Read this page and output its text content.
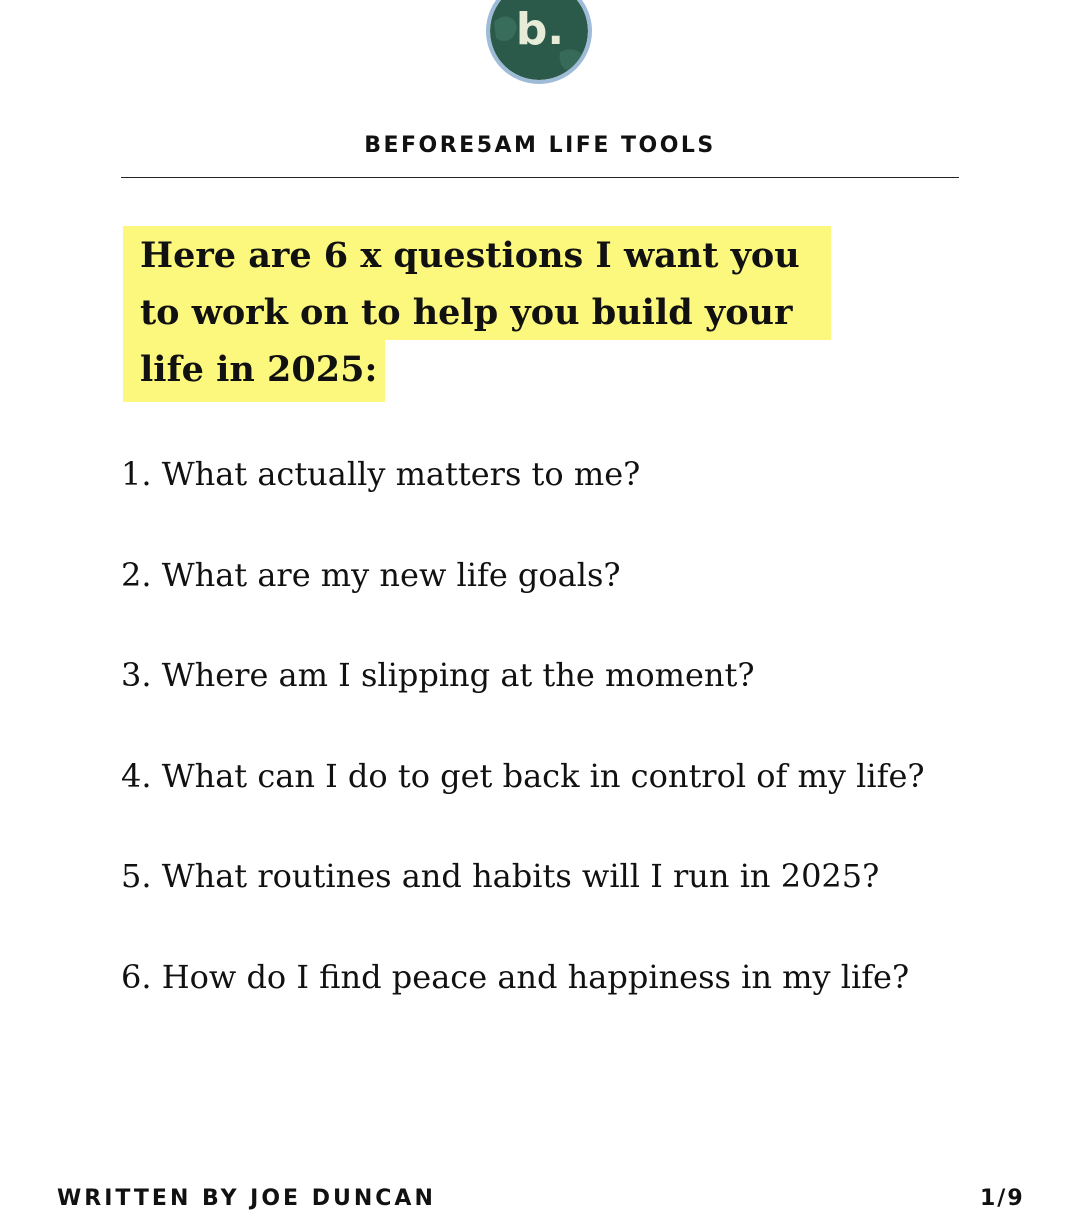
b.
BEFORE5AM LIFE TOOLS
Here are 6 x questions I want you
to work on to help you build your
life in 2025:
1. What actually matters to me?
2. What are my new life goals?
3. Where am I slipping at the moment?
4. What can I do to get back in control of my life?
5. What routines and habits will I run in 2025?
6. How do I find peace and happiness in my life?
WRITTEN BY JOE DUNCAN	1/9
